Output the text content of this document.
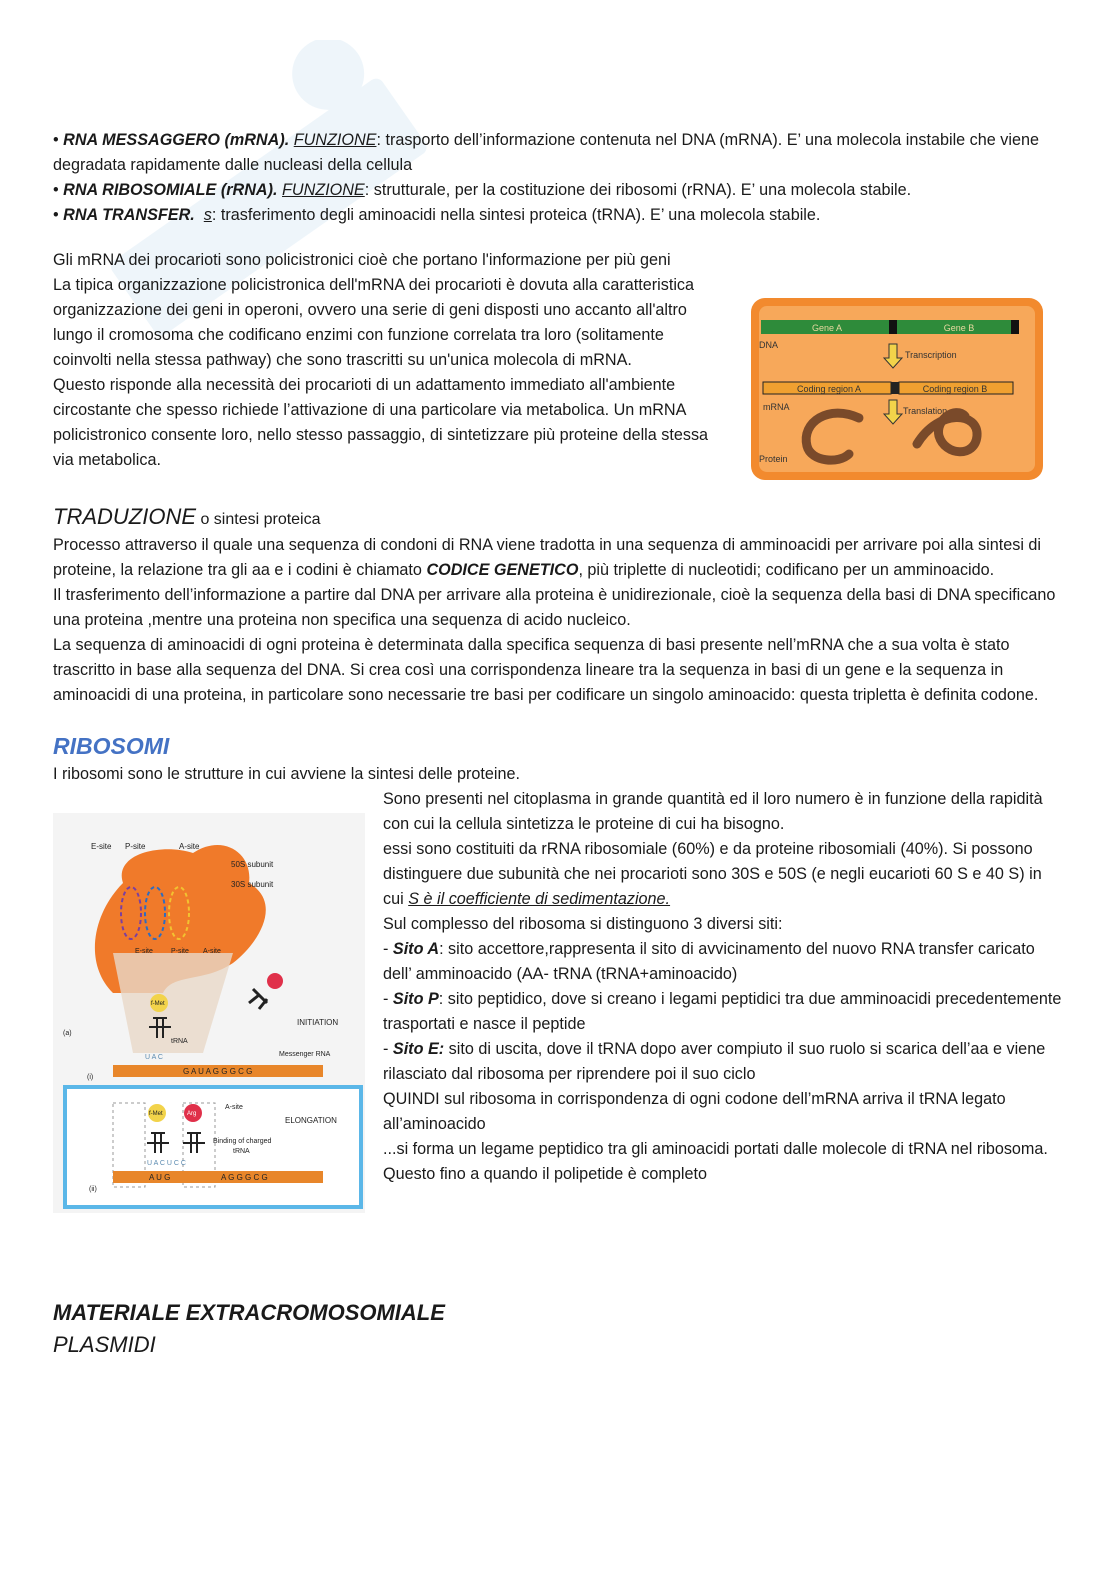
• RNA MESSAGGERO (mRNA). FUNZIONE: trasporto dell’informazione contenuta nel DNA (mRNA). E’ una molecola instabile che viene degradata rapidamente dalle nucleasi della cellula

• RNA RIBOSOMIALE (rRNA). FUNZIONE: strutturale, per la costituzione dei ribosomi (rRNA). E’ una molecola stabile.

• RNA TRANSFER. s: trasferimento degli aminoacidi nella sintesi proteica (tRNA). E’ una molecola stabile.

Gli mRNA dei procarioti sono policistronici cioè che portano l'informazione per più geni

La tipica organizzazione policistronica dell'mRNA dei procarioti è dovuta alla caratteristica organizzazione dei geni in operoni, ovvero una serie di geni disposti uno accanto all'altro lungo il cromosoma che codificano enzimi con funzione correlata tra loro (solitamente coinvolti nella stessa pathway) che sono trascritti su un'unica molecola di mRNA.

Questo risponde alla necessità dei procarioti di un adattamento immediato all'ambiente circostante che spesso richiede l’attivazione di una particolare via metabolica. Un mRNA policistronico consente loro, nello stesso passaggio, di sintetizzare più proteine della stessa via metabolica.

Gene A	Gene B
DNA
Transcription
Coding region A	Coding region B
mRNA	Translation
Protein
TRADUZIONE o sintesi proteica

Processo attraverso il quale una sequenza di condoni di RNA viene tradotta in una sequenza di amminoacidi per arrivare poi alla sintesi di proteine, la relazione tra gli aa e i codini è chiamato CODICE GENETICO, più triplette di nucleotidi; codificano per un amminoacido.

Il trasferimento dell’informazione a partire dal DNA per arrivare alla proteina è unidirezionale, cioè la sequenza della basi di DNA specificano una proteina ,mentre una proteina non specifica una sequenza di acido nucleico.

La sequenza di aminoacidi di ogni proteina è determinata dalla specifica sequenza di basi presente nell’mRNA che a sua volta è stato trascritto in base alla sequenza del DNA. Si crea così una corrispondenza lineare tra la sequenza in basi di un gene e la sequenza in aminoacidi di una proteina, in particolare sono necessarie tre basi per codificare un singolo aminoacido: questa tripletta è definita codone.

RIBOSOMI

I ribosomi sono le strutture in cui avviene la sintesi delle proteine.

E-site P-site	A-site
50S subunit
30S subunit
E-site	P-site A-site
f-Met
tRNA
(a)
INITIATION
Messenger RNA
U A C
G A U A G G G C G
(i)
f-Met	Arg
A-site
ELONGATION
Binding of charged
tRNA
U A C U C C
A U G	A G G G C G
(ii)

Sono presenti nel citoplasma in grande quantità ed il loro numero è in funzione della rapidità con cui la cellula sintetizza le proteine di cui ha bisogno.

essi sono costituiti da rRNA ribosomiale (60%) e da proteine ribosomiali (40%). Si possono distinguere due subunità che nei procarioti sono 30S e 50S (e negli eucarioti 60 S e 40 S) in cui S è il coefficiente di sedimentazione.

Sul complesso del ribosoma si distinguono 3 diversi siti:

- Sito A: sito accettore,rappresenta il sito di avvicinamento del nuovo RNA transfer caricato dell’ amminoacido (AA- tRNA (tRNA+aminoacido)

- Sito P: sito peptidico, dove si creano i legami peptidici tra due amminoacidi precedentemente trasportati e nasce il peptide

- Sito E: sito di uscita, dove il tRNA dopo aver compiuto il suo ruolo si scarica dell’aa e viene rilasciato dal ribosoma per riprendere poi il suo ciclo

QUINDI sul ribosoma in corrispondenza di ogni codone dell’mRNA arriva il tRNA legato all’aminoacido

...si forma un legame peptidico tra gli aminoacidi portati dalle molecole di tRNA nel ribosoma. Questo fino a quando il polipetide è completo

MATERIALE EXTRACROMOSOMIALE
PLASMIDI
